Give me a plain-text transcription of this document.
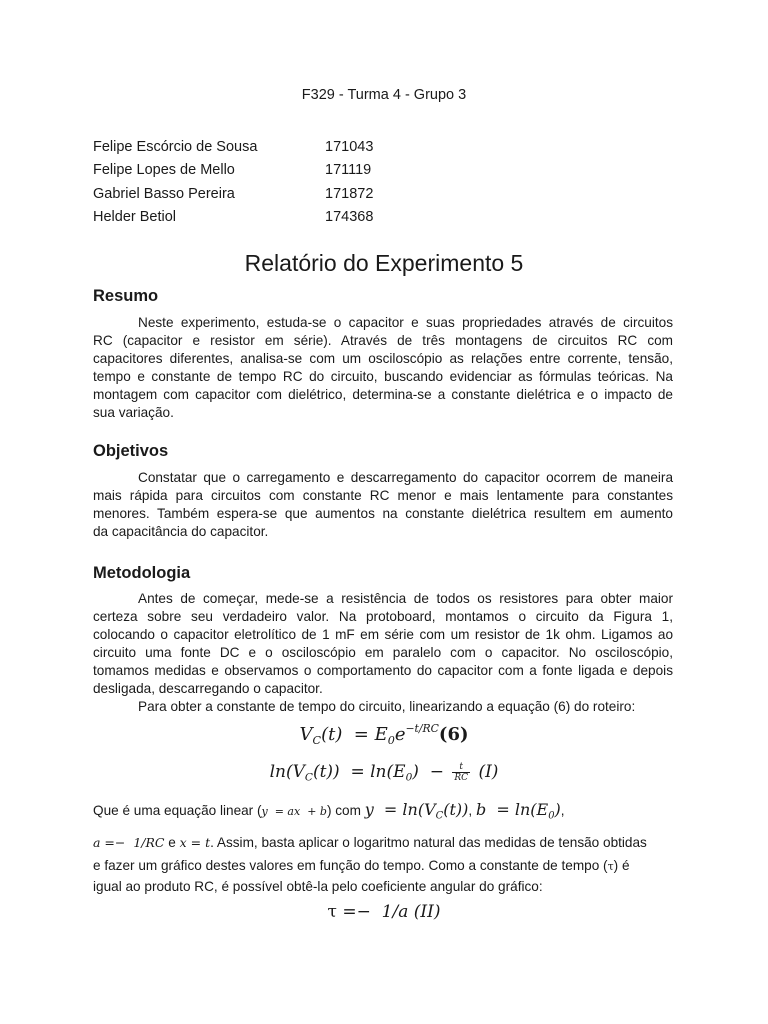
F329 - Turma 4 - Grupo 3
Felipe Escórcio de Sousa	171043
Felipe Lopes de Mello	171119
Gabriel Basso Pereira	171872
Helder Betiol	174368
Relatório do Experimento 5
Resumo
Neste experimento, estuda-se o capacitor e suas propriedades através de circuitos
RC (capacitor e resistor em série). Através de três montagens de circuitos RC com
capacitores diferentes, analisa-se com um osciloscópio as relações entre corrente, tensão,
tempo e constante de tempo RC do circuito, buscando evidenciar as fórmulas teóricas. Na
montagem com capacitor com dielétrico, determina-se a constante dielétrica e o impacto de
sua variação.
Objetivos
Constatar que o carregamento e descarregamento do capacitor ocorrem de maneira
mais rápida para circuitos com constante RC menor e mais lentamente para constantes
menores. Também espera-se que aumentos na constante dielétrica resultem em aumento
da capacitância do capacitor.
Metodologia
Antes de começar, mede-se a resistência de todos os resistores para obter maior
certeza sobre seu verdadeiro valor. Na protoboard, montamos o circuito da Figura 1,
colocando o capacitor eletrolítico de 1 mF em série com um resistor de 1k ohm. Ligamos ao
circuito uma fonte DC e o osciloscópio em paralelo com o capacitor. No osciloscópio,
tomamos medidas e observamos o comportamento do capacitor com a fonte ligada e depois
desligada, descarregando o capacitor.
Para obter a constante de tempo do circuito, linearizando a equação (6) do roteiro:
$V_C(t) = E_0e^{-t/RC}(6)$
$\ln(V_C(t)) = \ln(E_0) - \frac{t}{RC} (I)$
Que é uma equação linear (y  = ax  + b) com $y = \ln(V_C(t))$, $b = \ln(E_0)$,
a =−  1/RC e x = t. Assim, basta aplicar o logaritmo natural das medidas de tensão obtidas
e fazer um gráfico destes valores em função do tempo. Como a constante de tempo (τ) é
igual ao produto RC, é possível obtê-la pelo coeficiente angular do gráfico:
τ =−  1/a (II)
